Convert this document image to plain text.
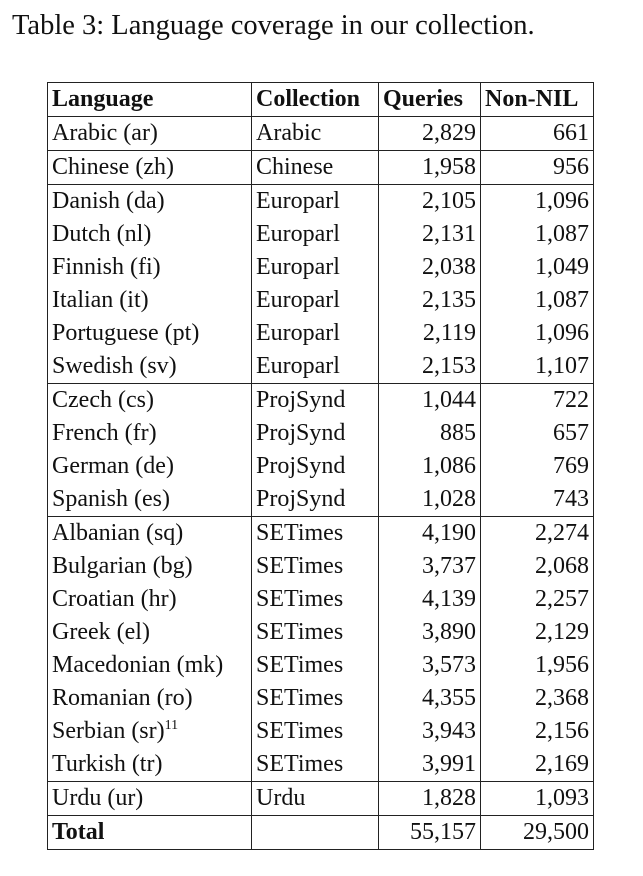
Table 3: Language coverage in our collection.
Language	Collection	Queries	Non-NIL
Arabic (ar)	Arabic	2,829	661
Chinese (zh)	Chinese	1,958	956
Danish (da)	Europarl	2,105	1,096
Dutch (nl)	Europarl	2,131	1,087
Finnish (fi)	Europarl	2,038	1,049
Italian (it)	Europarl	2,135	1,087
Portuguese (pt)	Europarl	2,119	1,096
Swedish (sv)	Europarl	2,153	1,107
Czech (cs)	ProjSynd	1,044	722
French (fr)	ProjSynd	885	657
German (de)	ProjSynd	1,086	769
Spanish (es)	ProjSynd	1,028	743
Albanian (sq)	SETimes	4,190	2,274
Bulgarian (bg)	SETimes	3,737	2,068
Croatian (hr)	SETimes	4,139	2,257
Greek (el)	SETimes	3,890	2,129
Macedonian (mk)	SETimes	3,573	1,956
Romanian (ro)	SETimes	4,355	2,368
Serbian (sr)$^{11}$	SETimes	3,943	2,156
Turkish (tr)	SETimes	3,991	2,169
Urdu (ur)	Urdu	1,828	1,093
Total		55,157	29,500
